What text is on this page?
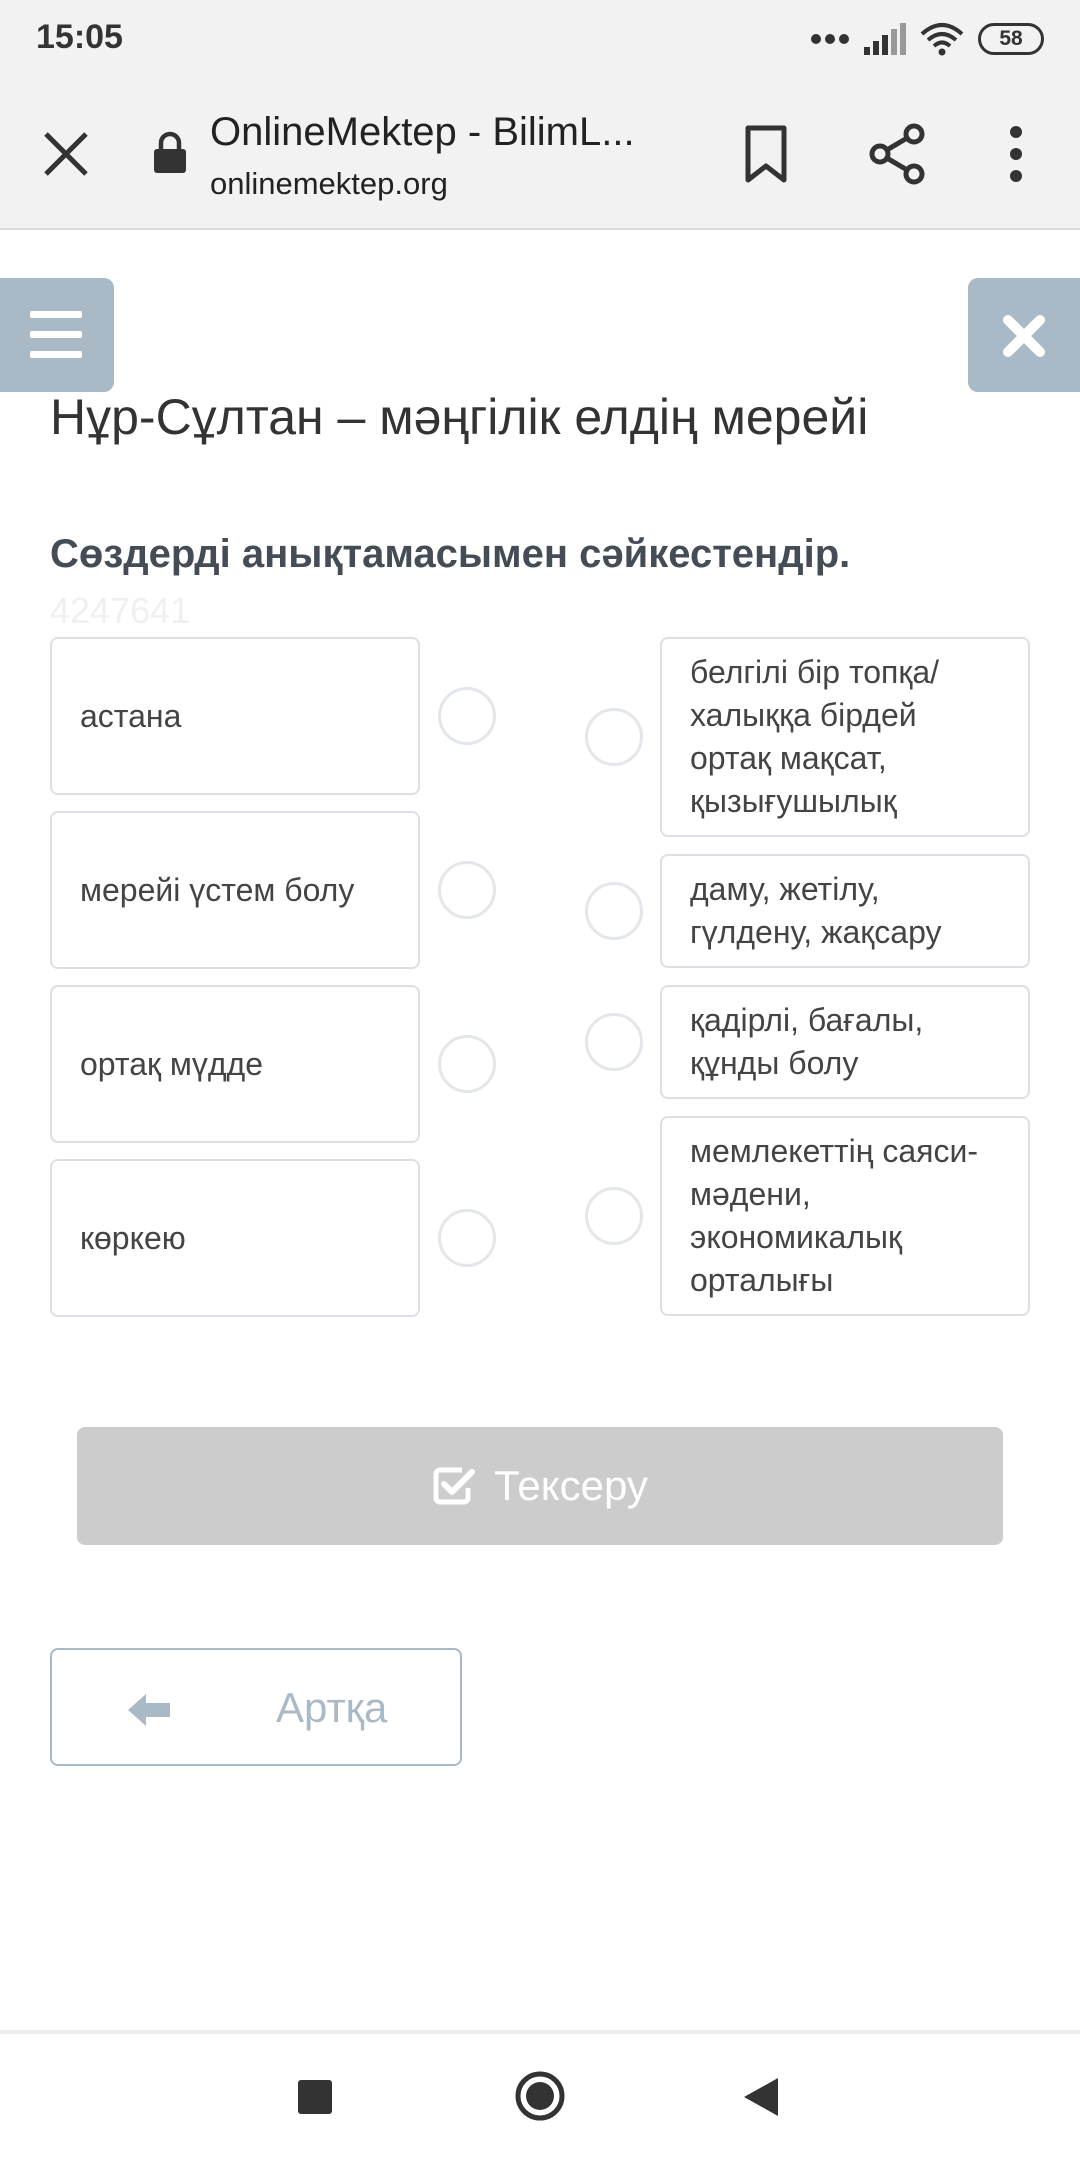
15:05	58
OnlineMektep - BilimL...
onlinemektep.org
Нұр-Сұлтан – мәңгілік елдің мерейі
Сөздерді анықтамасымен сәйкестендір.
4247641
астана
мерейі үстем болу
ортақ мүдде
көркею
белгілі бір топқа/ халыққа бірдей ортақ мақсат, қызығушылық
даму, жетілу, гүлдену, жақсару
қадірлі, бағалы, құнды болу
мемлекеттің саяси-мәдени, экономикалық орталығы
Тексеру
Артқа
